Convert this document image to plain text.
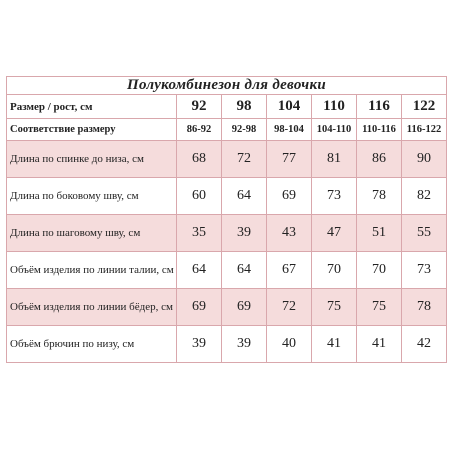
Полукомбинезон для девочки						
Размер / рост, см	92	98	104	110	116	122
Соответствие размеру	86-92	92-98	98-104	104-110	110-116	116-122
Длина по спинке до низа, см	68	72	77	81	86	90
Длина по боковому шву, см	60	64	69	73	78	82
Длина по шаговому шву, см	35	39	43	47	51	55
Объём изделия по линии талии, см	64	64	67	70	70	73
Объём изделия по линии бёдер, см	69	69	72	75	75	78
Объём брючин по низу, см	39	39	40	41	41	42
